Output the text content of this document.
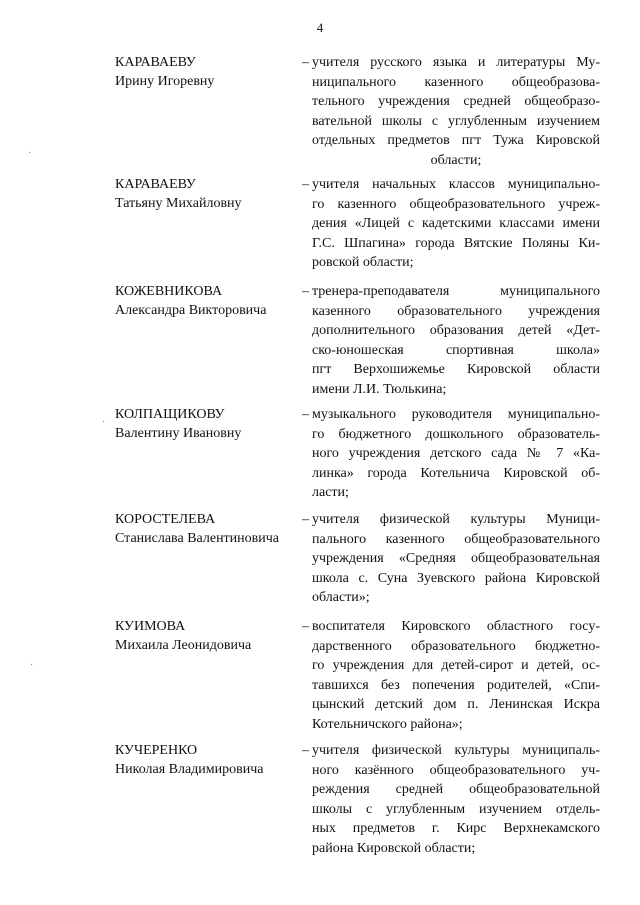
4
КАРАВАЕВУ
Ирину Игоревну
– учителя русского языка и литературы Му-
ниципального казенного общеобразова-
тельного учреждения средней общеобразо-
вательной школы с углубленным изучением
отдельных предметов пгт Тужа Кировской
области;
КАРАВАЕВУ
Татьяну Михайловну
– учителя начальных классов муниципально-
го казенного общеобразовательного учреж-
дения «Лицей с кадетскими классами имени
Г.С. Шпагина» города Вятские Поляны Ки-
ровской области;
КОЖЕВНИКОВА
Александра Викторовича
– тренера-преподавателя муниципального
казенного образовательного учреждения
дополнительного образования детей «Дет-
ско-юношеская спортивная школа»
пгт Верхошижемье Кировской области
имени Л.И. Тюлькина;
КОЛПАЩИКОВУ
Валентину Ивановну
– музыкального руководителя муниципально-
го бюджетного дошкольного образователь-
ного учреждения детского сада № 7 «Ка-
линка» города Котельнича Кировской об-
ласти;
КОРОСТЕЛЕВА
Станислава Валентиновича
– учителя физической культуры Муници-
пального казенного общеобразовательного
учреждения «Средняя общеобразовательная
школа с. Суна Зуевского района Кировской
области»;
КУИМОВА
Михаила Леонидовича
– воспитателя Кировского областного госу-
дарственного образовательного бюджетно-
го учреждения для детей-сирот и детей, ос-
тавшихся без попечения родителей, «Спи-
цынский детский дом п. Ленинская Искра
Котельничского района»;
КУЧЕРЕНКО
Николая Владимировича
– учителя физической культуры муниципаль-
ного казённого общеобразовательного уч-
реждения средней общеобразовательной
школы с углубленным изучением отдель-
ных предметов г. Кирс Верхнекамского
района Кировской области;
·
·
·
